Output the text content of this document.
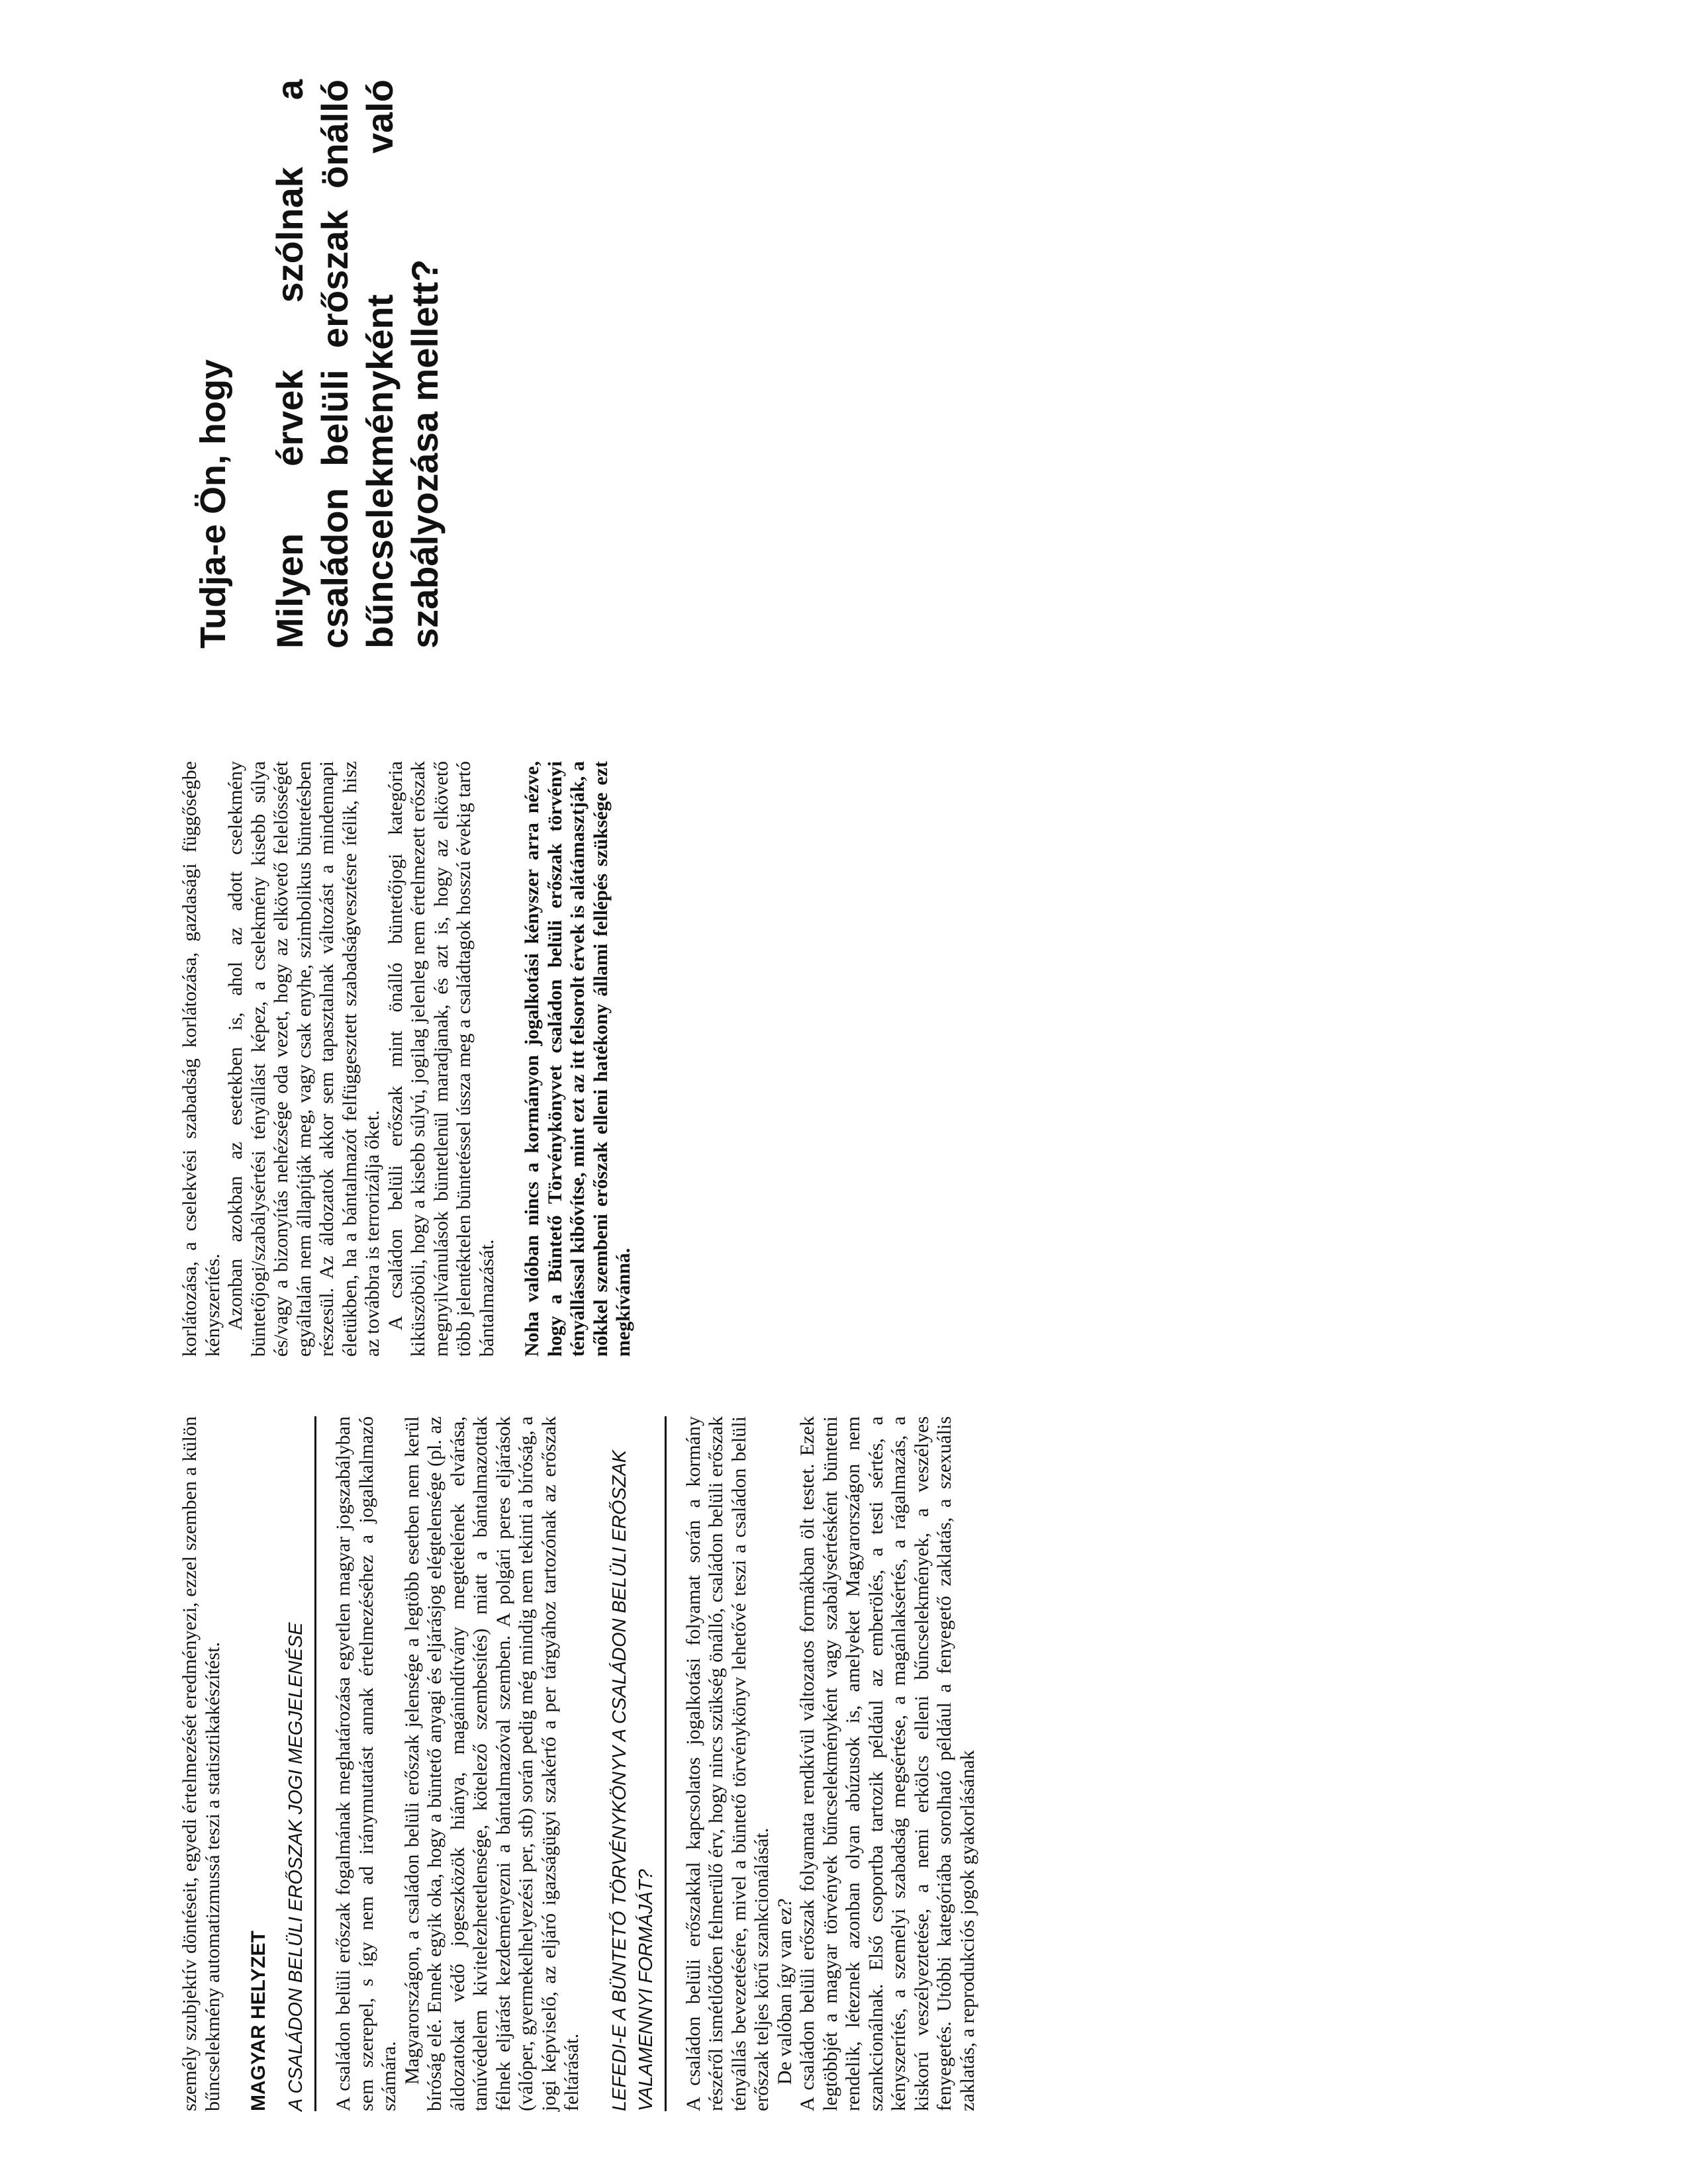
személy szubjektív döntéseit, egyedi értelmezését eredményezi, ezzel szemben a külön bűncselekmény automatizmussá teszi a statisztikakészítést. MAGYAR HELYZET A CSALÁDON BELÜLI ERŐSZAK JOGI MEGJELENÉSE	A családon belüli erőszak fogalmának meghatározása egyetlen magyar jogszabályban sem szerepel, s így nem ad iránymutatást annak értelmezéséhez a jogalkalmazó számára. Magyarországon, a családon belüli erőszak jelensége a legtöbb esetben nem kerül bíróság elé. Ennek egyik oka, hogy a büntető anyagi és eljárásjog elégtelensége (pl. az áldozatokat védő jogeszközök hiánya, magánindítvány megtételének elvárása, tanúvédelem kivitelezhetetlensége, kötelező szembesítés) miatt a bántalmazottak félnek eljárást kezdeményezni a bántalmazóval szemben. A polgári peres eljárások (válóper, gyermekelhelyezési per, stb) során pedig még mindig nem tekinti a bíróság, a jogi képviselő, az eljáró igazságügyi szakértő a per tárgyához tartozónak az erőszak feltárását. LEFEDI-E A BÜNTETŐ TÖRVÉNYKÖNYV A CSALÁDON BELÜLI ERŐSZAK VALAMENNYI FORMÁJÁT?	A családon belüli erőszakkal kapcsolatos jogalkotási folyamat során a kormány részéről ismétlődően felmerülő érv, hogy nincs szükség önálló, családon belüli erőszak tényállás bevezetésére, mivel a büntető törvénykönyv lehetővé teszi a családon belüli erőszak teljes körű szankcionálását. De valóban így van ez? A családon belüli erőszak folyamata rendkívül változatos formákban ölt testet. Ezek legtöbbjét a magyar törvények bűncselekményként vagy szabálysértésként büntetni rendelik, léteznek azonban olyan abúzusok is, amelyeket Magyarországon nem szankcionálnak. Első csoportba tartozik például az emberölés, a testi sértés, a kényszerítés, a személyi szabadság megsértése, a magánlaksértés, a rágalmazás, a kiskorú veszélyeztetése, a nemi erkölcs elleni bűncselekmények, a veszélyes fenyegetés. Utóbbi kategóriába sorolható például a fenyegető zaklatás, a szexuális zaklatás, a reprodukciós jogok gyakorlásának

korlátozása, a cselekvési szabadság korlátozása, gazdasági függőségbe kényszerítés. Azonban azokban az esetekben is, ahol az adott cselekmény büntetőjogi/szabálysértési tényállást képez, a cselekmény kisebb súlya és/vagy a bizonyítás nehézsége oda vezet, hogy az elkövető felelősségét egyáltalán nem állapítják meg, vagy csak enyhe, szimbolikus büntetésben részesül. Az áldozatok akkor sem tapasztalnak változást a mindennapi életükben, ha a bántalmazót felfüggesztett szabadságvesztésre ítélik, hisz az továbbra is terrorizálja őket. A családon belüli erőszak mint önálló büntetőjogi kategória kiküszöböli, hogy a kisebb súlyú, jogilag jelenleg nem értelmezett erőszak megnyilvánulások büntetlenül maradjanak, és azt is, hogy az elkövető több jelentéktelen büntetéssel ússza meg a családtagok hosszú évekig tartó bántalmazását. Noha valóban nincs a kormányon jogalkotási kényszer arra nézve, hogy a Büntető Törvénykönyvet családon belüli erőszak törvényi tényállással kibővítse, mint ezt az itt felsorolt érvek is alátámasztják, a nőkkel szembeni erőszak elleni hatékony állami fellépés szüksége ezt megkívánná.

Tudja-e Ön, hogy Milyen érvek szólnak a családon belüli erőszak önálló bűncselekményként való szabályozása mellett?
